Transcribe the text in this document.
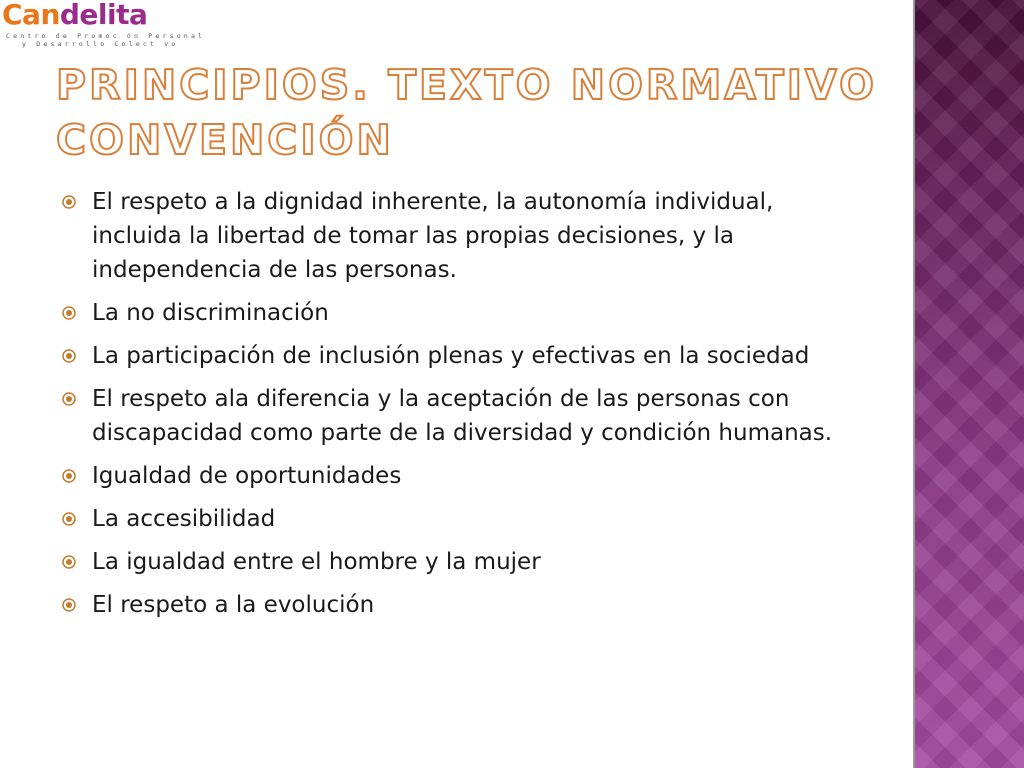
Candelita
Centro de Promoc ón Personal
y Desarrollo Colect vo
PRINCIPIOS. TEXTO NORMATIVO
CONVENCIÓN
El respeto a la dignidad inherente, la autonomía individual, incluida la libertad de tomar las propias decisiones, y la independencia de las personas.
La no discriminación
La participación de inclusión plenas y efectivas en la sociedad
El respeto ala diferencia y la aceptación de las personas con discapacidad como parte de la diversidad y condición humanas.
Igualdad de oportunidades
La accesibilidad
La igualdad entre el hombre y la mujer
El respeto a la evolución
